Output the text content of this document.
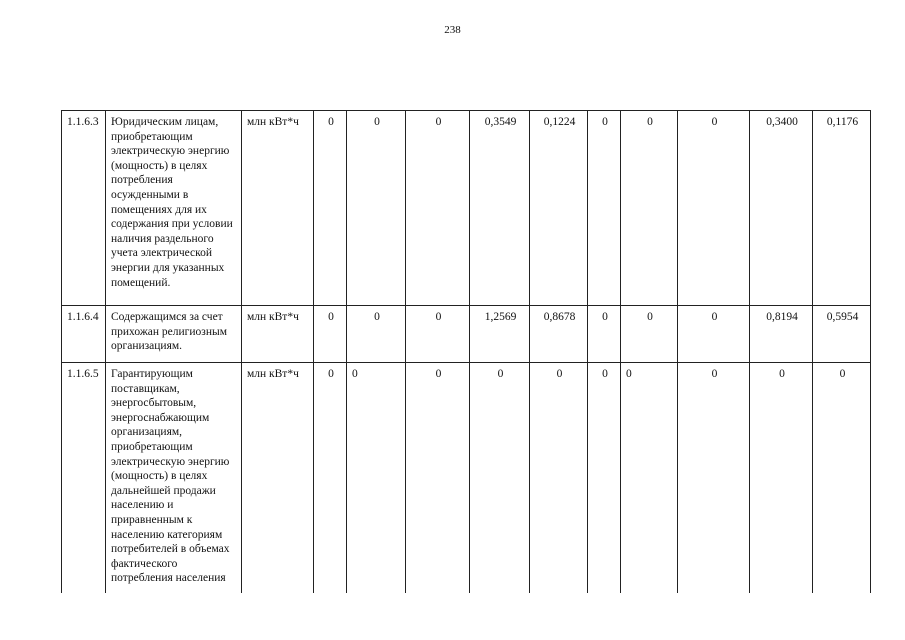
238
1.1.6.3	Юридическим лицам, приобретающим электрическую энергию (мощность) в целях потребления осужденными в помещениях для их содержания при условии наличия раздельного учета электрической энергии для указанных помещений.	млн кВт*ч	0	0	0	0,3549	0,1224	0	0	0	0,3400	0,1176
1.1.6.4	Содержащимся за счет прихожан религиозным организациям.	млн кВт*ч	0	0	0	1,2569	0,8678	0	0	0	0,8194	0,5954
1.1.6.5	Гарантирующим поставщикам, энергосбытовым, энергоснабжающим организациям, приобретающим электрическую энергию (мощность) в целях дальнейшей продажи населению и приравненным к населению категориям потребителей в объемах фактического потребления населения	млн кВт*ч	0	0	0	0	0	0	0	0	0	0
